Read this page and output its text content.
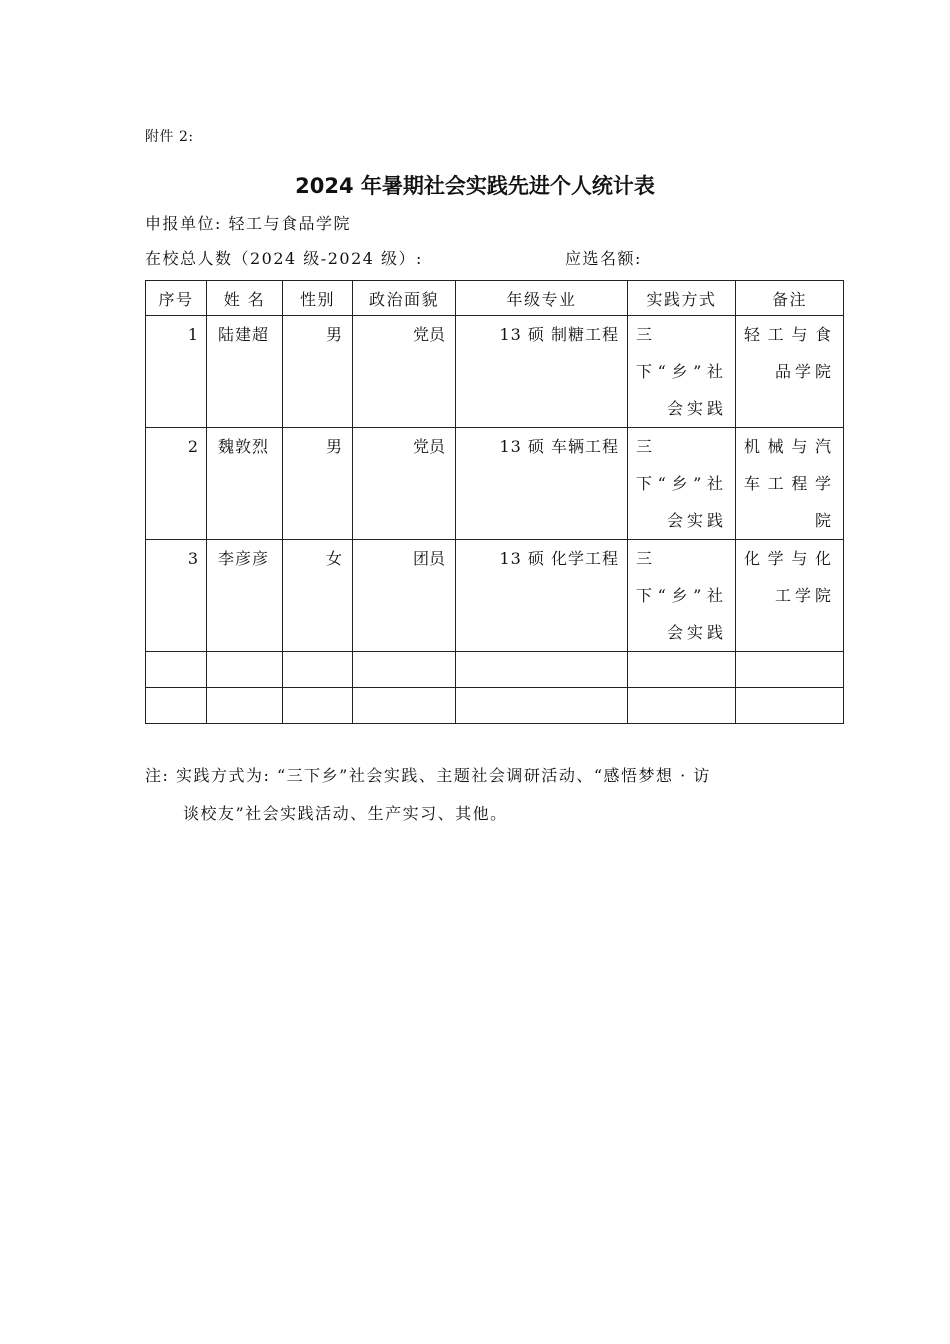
附件 2:
2024 年暑期社会实践先进个人统计表
申报单位: 轻工与食品学院
在校总人数（2024 级-2024 级）:	应选名额:
序号	姓 名	性别	政治面貌	年级专业	实践方式	备注
1	陆建超	男	党员	13 硕 制糖工程	三下“乡”社会实践	轻工与食品学院

2	魏敦烈	男	党员	13 硕 车辆工程	三下“乡”社会实践	机械与汽车工程学院

3	李彦彦	女	团员	13 硕 化学工程	三下“乡”社会实践	化学与化工学院

注: 实践方式为: “三下乡”社会实践、主题社会调研活动、“感悟梦想 · 访
谈校友”社会实践活动、生产实习、其他。
